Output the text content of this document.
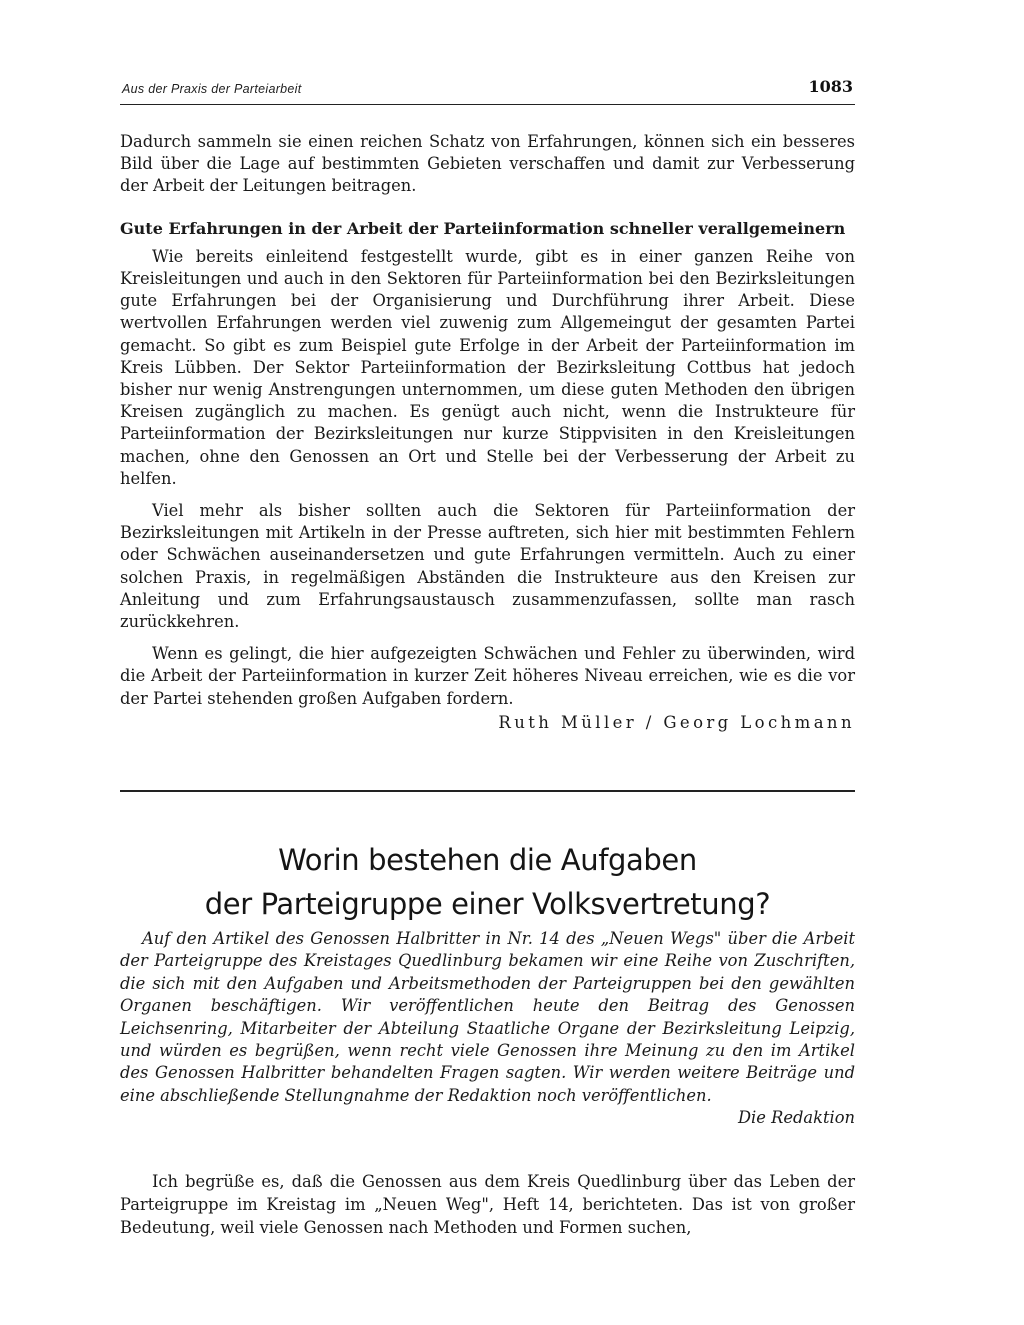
Aus der Praxis der Parteiarbeit	1083

Dadurch sammeln sie einen reichen Schatz von Erfahrungen, können sich ein besseres Bild über die Lage auf bestimmten Gebieten verschaffen und damit zur Verbesserung der Arbeit der Leitungen beitragen.

Gute Erfahrungen in der Arbeit der Parteiinformation schneller verallgemeinern

Wie bereits einleitend festgestellt wurde, gibt es in einer ganzen Reihe von Kreisleitungen und auch in den Sektoren für Parteiinformation bei den Bezirksleitungen gute Erfahrungen bei der Organisierung und Durchführung ihrer Arbeit. Diese wertvollen Erfahrungen werden viel zuwenig zum Allgemeingut der gesamten Partei gemacht. So gibt es zum Beispiel gute Erfolge in der Arbeit der Parteiinformation im Kreis Lübben. Der Sektor Parteiinformation der Bezirksleitung Cottbus hat jedoch bisher nur wenig Anstrengungen unternommen, um diese guten Methoden den übrigen Kreisen zugänglich zu machen. Es genügt auch nicht, wenn die Instrukteure für Parteiinformation der Bezirksleitungen nur kurze Stippvisiten in den Kreisleitungen machen, ohne den Genossen an Ort und Stelle bei der Verbesserung der Arbeit zu helfen.

Viel mehr als bisher sollten auch die Sektoren für Parteiinformation der Bezirksleitungen mit Artikeln in der Presse auftreten, sich hier mit bestimmten Fehlern oder Schwächen auseinandersetzen und gute Erfahrungen vermitteln. Auch zu einer solchen Praxis, in regelmäßigen Abständen die Instrukteure aus den Kreisen zur Anleitung und zum Erfahrungsaustausch zusammenzufassen, sollte man rasch zurückkehren.

Wenn es gelingt, die hier aufgezeigten Schwächen und Fehler zu überwinden, wird die Arbeit der Parteiinformation in kurzer Zeit höheres Niveau erreichen, wie es die vor der Partei stehenden großen Aufgaben fordern.

Ruth Müller / Georg Lochmann
Worin bestehen die Aufgaben
der Parteigruppe einer Volksvertretung?
Auf den Artikel des Genossen Halbritter in Nr. 14 des „Neuen Wegs" über die Arbeit der Parteigruppe des Kreistages Quedlinburg bekamen wir eine Reihe von Zuschriften, die sich mit den Aufgaben und Arbeitsmethoden der Parteigruppen bei den gewählten Organen beschäftigen. Wir veröffentlichen heute den Beitrag des Genossen Leichsenring, Mitarbeiter der Abteilung Staatliche Organe der Bezirksleitung Leipzig, und würden es begrüßen, wenn recht viele Genossen ihre Meinung zu den im Artikel des Genossen Halbritter behandelten Fragen sagten. Wir werden weitere Beiträge und eine abschließende Stellungnahme der Redaktion noch veröffentlichen.
Die Redaktion

Ich begrüße es, daß die Genossen aus dem Kreis Quedlinburg über das Leben der Parteigruppe im Kreistag im „Neuen Weg", Heft 14, berichteten. Das ist von großer Bedeutung, weil viele Genossen nach Methoden und Formen suchen,
